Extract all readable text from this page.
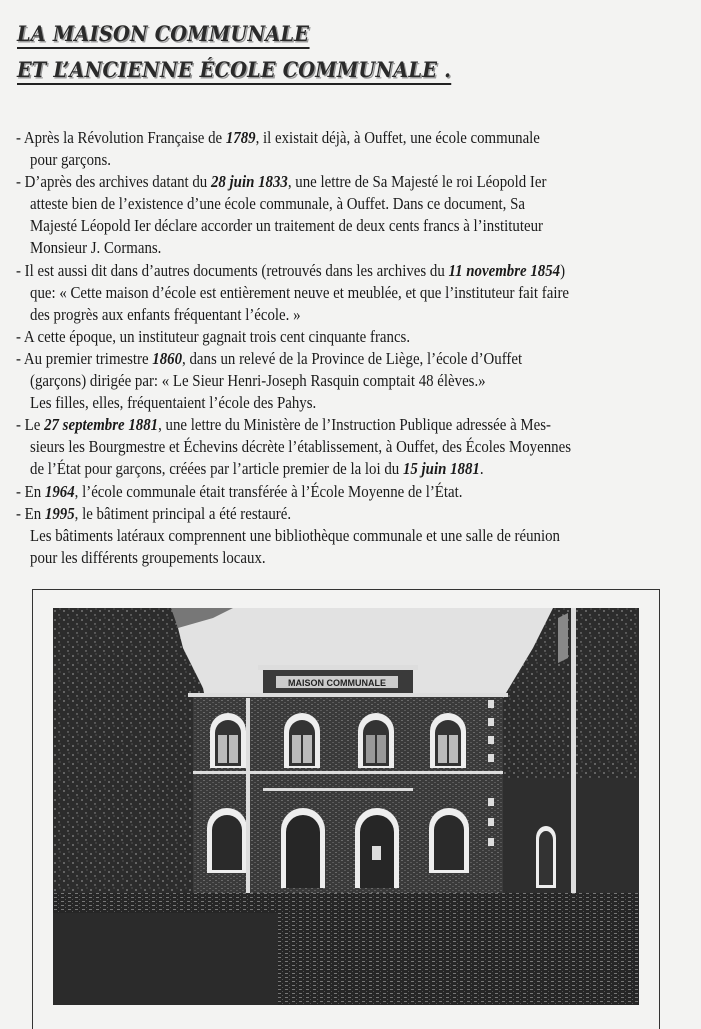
LA MAISON COMMUNALE
ET L’ANCIENNE ÉCOLE COMMUNALE .
- Après la Révolution Française de 1789, il existait déjà, à Ouffet, une école communale
pour garçons.
- D’après des archives datant du 28 juin 1833, une lettre de Sa Majesté le roi Léopold Ier
atteste bien de l’existence d’une école communale, à Ouffet. Dans ce document, Sa
Majesté Léopold Ier déclare accorder un traitement de deux cents francs à l’instituteur
Monsieur J. Cormans.
- Il est aussi dit dans d’autres documents (retrouvés dans les archives du 11 novembre 1854)
que: « Cette maison d’école est entièrement neuve et meublée, et que l’instituteur fait faire
des progrès aux enfants fréquentant l’école. »
- A cette époque, un instituteur gagnait trois cent cinquante francs.
- Au premier trimestre 1860, dans un relevé de la Province de Liège, l’école d’Ouffet
(garçons) dirigée par: « Le Sieur Henri-Joseph Rasquin comptait 48 élèves.»
Les filles, elles, fréquentaient l’école des Pahys.
- Le 27 septembre 1881, une lettre du Ministère de l’Instruction Publique adressée à Mes-
sieurs les Bourgmestre et Échevins décrète l’établissement, à Ouffet, des Écoles Moyennes
de l’État pour garçons, créées par l’article premier de la loi du 15 juin 1881.
- En 1964, l’école communale était transférée à l’École Moyenne de l’État.
- En 1995, le bâtiment principal a été restauré.
Les bâtiments latéraux comprennent une bibliothèque communale et une salle de réunion
pour les différents groupements locaux.
MAISON COMMUNALE
